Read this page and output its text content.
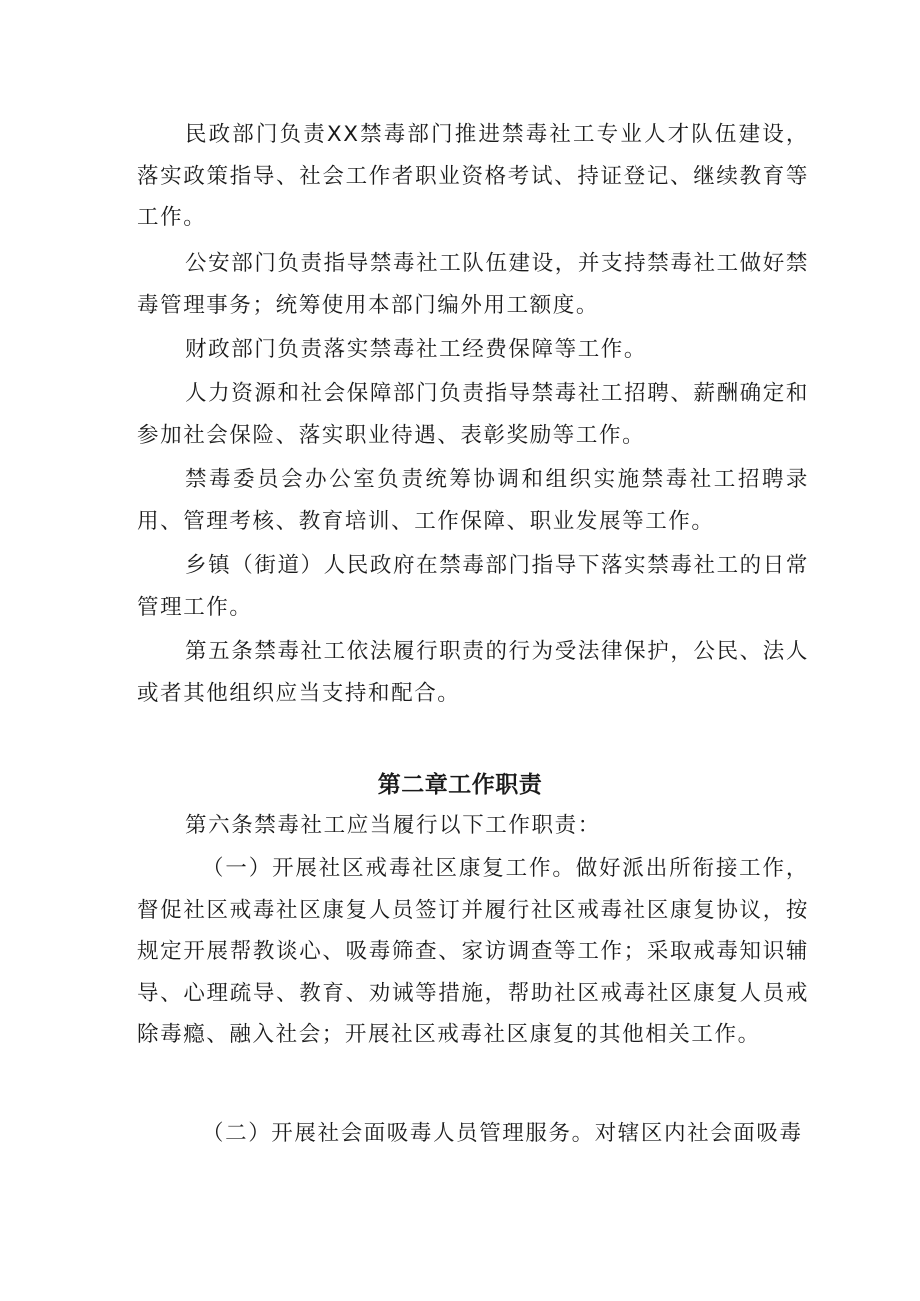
民政部门负责XX禁毒部门推进禁毒社工专业人才队伍建设，落实政策指导、社会工作者职业资格考试、持证登记、继续教育等工作。

公安部门负责指导禁毒社工队伍建设，并支持禁毒社工做好禁毒管理事务；统筹使用本部门编外用工额度。

财政部门负责落实禁毒社工经费保障等工作。

人力资源和社会保障部门负责指导禁毒社工招聘、薪酬确定和参加社会保险、落实职业待遇、表彰奖励等工作。

禁毒委员会办公室负责统筹协调和组织实施禁毒社工招聘录用、管理考核、教育培训、工作保障、职业发展等工作。

乡镇（街道）人民政府在禁毒部门指导下落实禁毒社工的日常管理工作。

第五条禁毒社工依法履行职责的行为受法律保护，公民、法人或者其他组织应当支持和配合。

第二章工作职责

第六条禁毒社工应当履行以下工作职责：

（一）开展社区戒毒社区康复工作。做好派出所衔接工作，督促社区戒毒社区康复人员签订并履行社区戒毒社区康复协议，按规定开展帮教谈心、吸毒筛查、家访调查等工作；采取戒毒知识辅导、心理疏导、教育、劝诫等措施，帮助社区戒毒社区康复人员戒除毒瘾、融入社会；开展社区戒毒社区康复的其他相关工作。

（二）开展社会面吸毒人员管理服务。对辖区内社会面吸毒
